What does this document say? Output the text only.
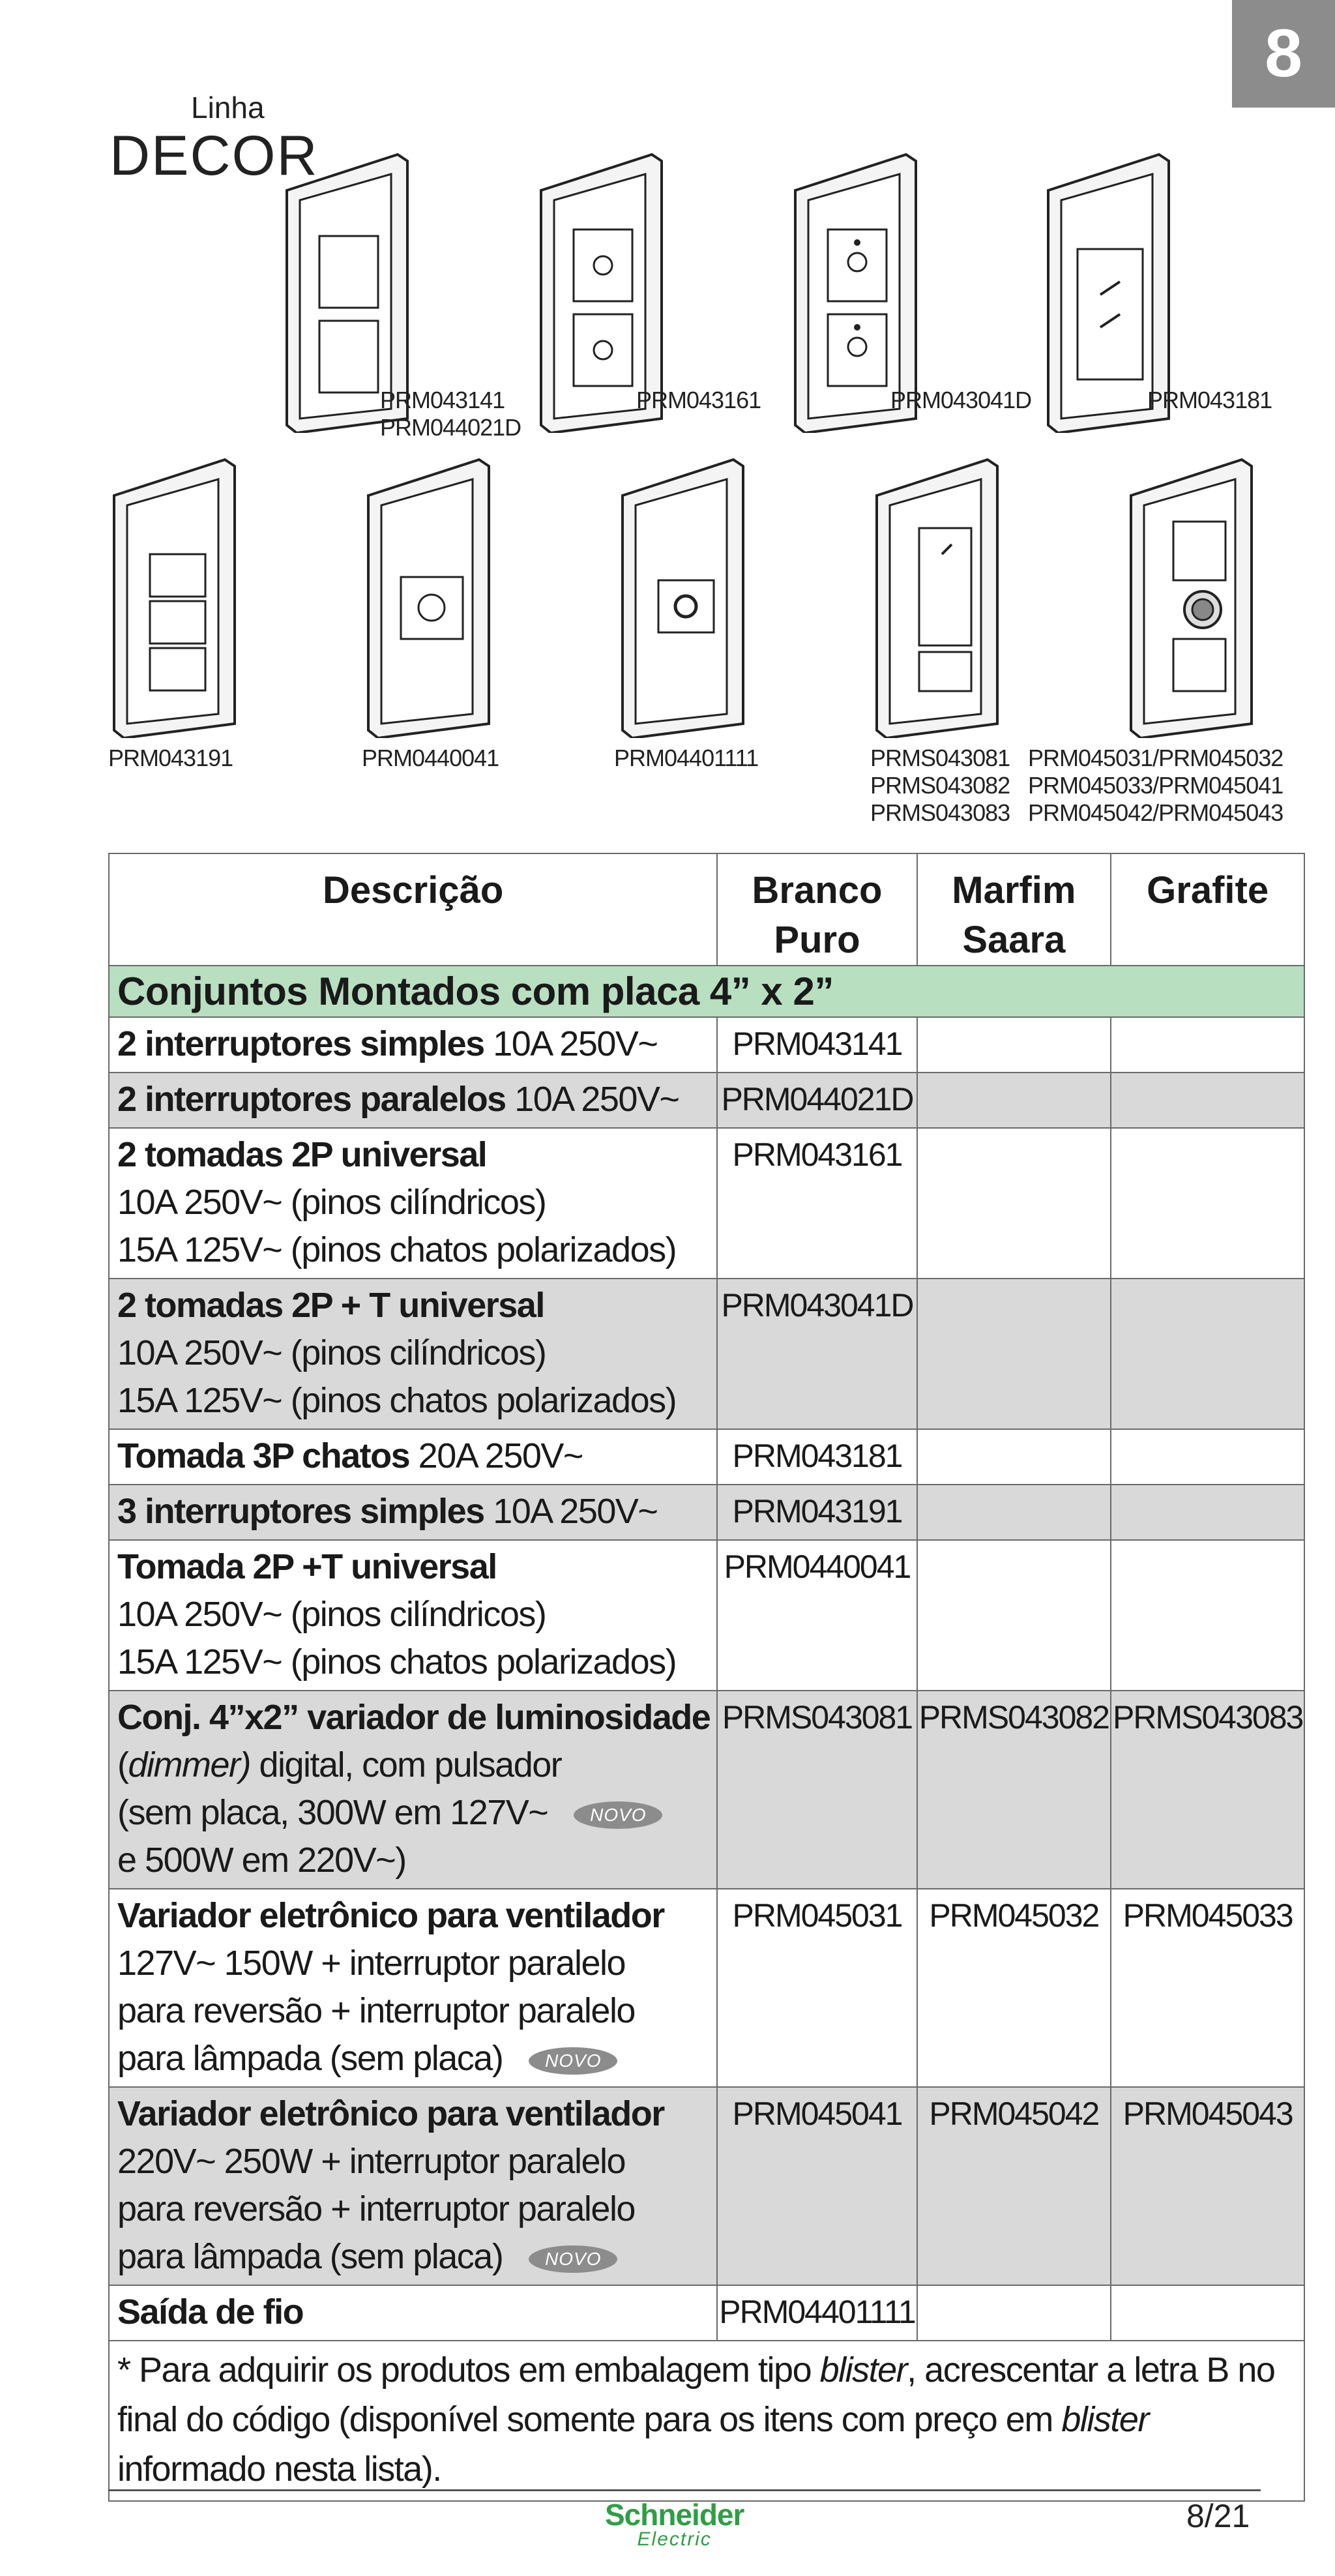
8
Linha
DECOR
PRM043141
PRM044021D
PRM043161	PRM043041D	PRM043181
PRM043191	PRM0440041	PRM04401111	PRMS043081
PRMS043082
PRMS043083
PRM045031/PRM045032
PRM045033/PRM045041
PRM045042/PRM045043
Descrição	Branco Puro	Marfim Saara	Grafite
Conjuntos Montados com placa 4” x 2”			
2 interruptores simples 10A 250V~	PRM043141		
2 interruptores paralelos 10A 250V~	PRM044021D		

2 tomadas 2P universal
10A 250V~ (pinos cilíndricos)
15A 125V~ (pinos chatos polarizados)	PRM043161		

2 tomadas 2P + T universal
10A 250V~ (pinos cilíndricos)
15A 125V~ (pinos chatos polarizados)	PRM043041D		
Tomada 3P chatos 20A 250V~	PRM043181		
3 interruptores simples 10A 250V~	PRM043191		

Tomada 2P +T universal
10A 250V~ (pinos cilíndricos)
15A 125V~ (pinos chatos polarizados)	PRM0440041		

Conj. 4”x2” variador de luminosidade
(dimmer) digital, com pulsador
(sem placa, 300W em 127V~ NOVO
e 500W em 220V~)	PRMS043081	PRMS043082	PRMS043083

Variador eletrônico para ventilador
127V~ 150W + interruptor paralelo
para reversão + interruptor paralelo
para lâmpada (sem placa) NOVO	PRM045031	PRM045032	PRM045033

Variador eletrônico para ventilador
220V~ 250W + interruptor paralelo
para reversão + interruptor paralelo
para lâmpada (sem placa) NOVO	PRM045041	PRM045042	PRM045043
Saída de fio	PRM04401111		
* Para adquirir os produtos em embalagem tipo blister, acrescentar a letra B no final do código (disponível somente para os itens com preço em blister informado nesta lista).			
Schneider
Electric
8/21
